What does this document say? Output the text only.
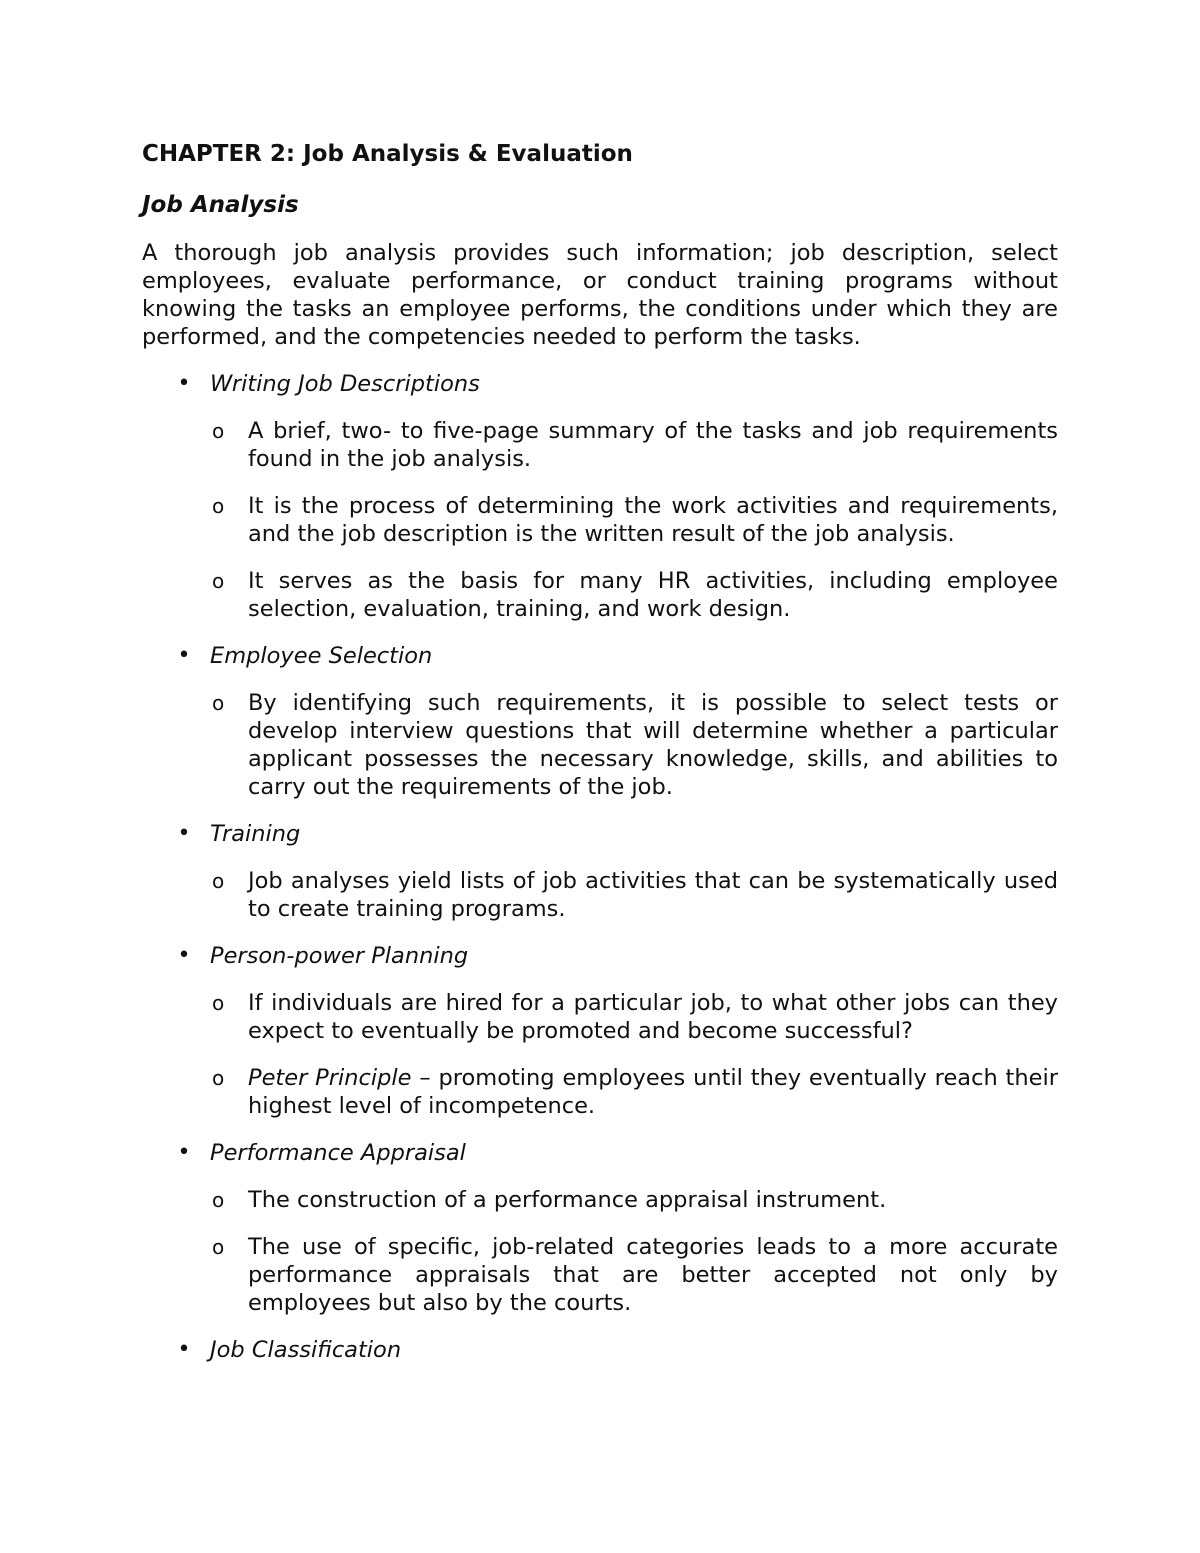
CHAPTER 2: Job Analysis & Evaluation
Job Analysis

A thorough job analysis provides such information; job description, select employees, evaluate performance, or conduct training programs without knowing the tasks an employee performs, the conditions under which they are performed, and the competencies needed to perform the tasks.

• Writing Job Descriptions
o A brief, two- to five-page summary of the tasks and job requirements found in the job analysis.
o It is the process of determining the work activities and requirements, and the job description is the written result of the job analysis.
o It serves as the basis for many HR activities, including employee selection, evaluation, training, and work design.
• Employee Selection
o By identifying such requirements, it is possible to select tests or develop interview questions that will determine whether a particular applicant possesses the necessary knowledge, skills, and abilities to carry out the requirements of the job.
• Training
o Job analyses yield lists of job activities that can be systematically used to create training programs.
• Person-power Planning
o If individuals are hired for a particular job, to what other jobs can they expect to eventually be promoted and become successful?
o Peter Principle – promoting employees until they eventually reach their highest level of incompetence.
• Performance Appraisal
o The construction of a performance appraisal instrument.
o The use of specific, job-related categories leads to a more accurate performance appraisals that are better accepted not only by employees but also by the courts.
• Job Classification
